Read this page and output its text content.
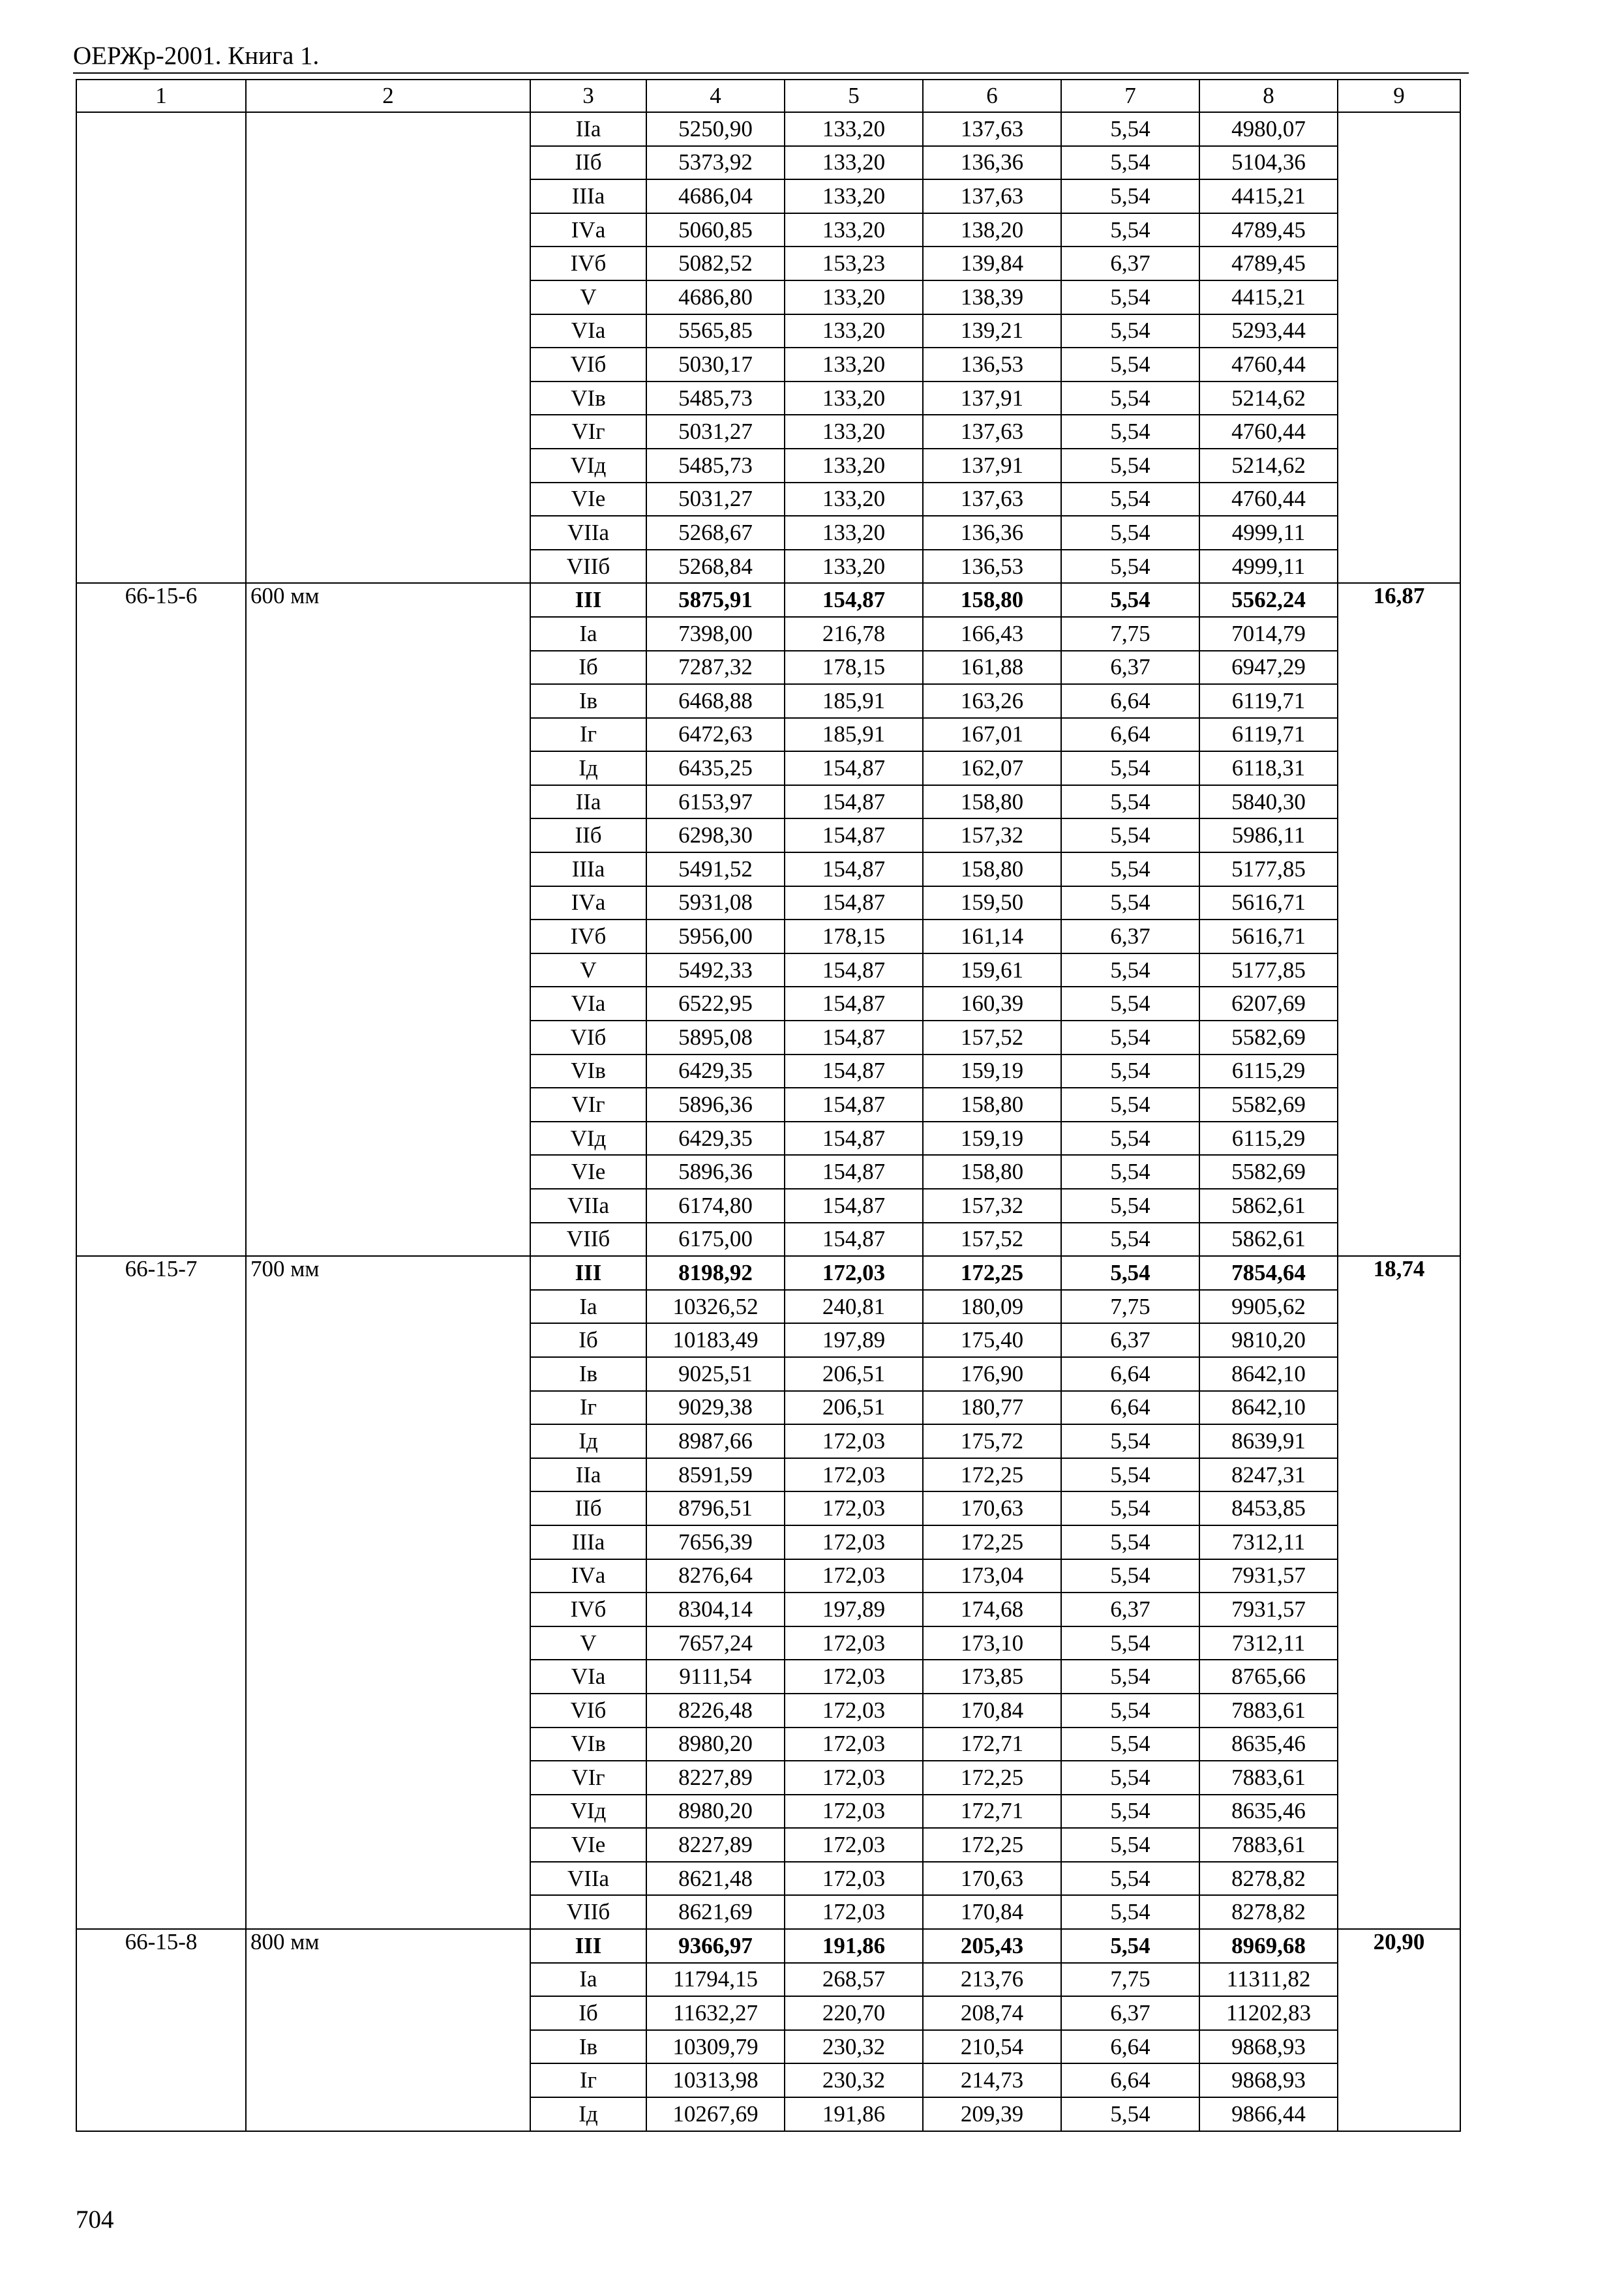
ОЕРЖр-2001. Книга 1.
1	2	3	4	5	6	7	8	9
		IIа	5250,90	133,20	137,63	5,54	4980,07	
		IIб	5373,92	133,20	136,36	5,54	5104,36	
		IIIа	4686,04	133,20	137,63	5,54	4415,21	
		IVа	5060,85	133,20	138,20	5,54	4789,45	
		IVб	5082,52	153,23	139,84	6,37	4789,45	
		V	4686,80	133,20	138,39	5,54	4415,21	
		VIа	5565,85	133,20	139,21	5,54	5293,44	
		VIб	5030,17	133,20	136,53	5,54	4760,44	
		VIв	5485,73	133,20	137,91	5,54	5214,62	
		VIг	5031,27	133,20	137,63	5,54	4760,44	
		VIд	5485,73	133,20	137,91	5,54	5214,62	
		VIе	5031,27	133,20	137,63	5,54	4760,44	
		VIIа	5268,67	133,20	136,36	5,54	4999,11	
		VIIб	5268,84	133,20	136,53	5,54	4999,11	
66-15-6	600 мм	III	5875,91	154,87	158,80	5,54	5562,24	16,87
		Iа	7398,00	216,78	166,43	7,75	7014,79	
		Iб	7287,32	178,15	161,88	6,37	6947,29	
		Iв	6468,88	185,91	163,26	6,64	6119,71	
		Iг	6472,63	185,91	167,01	6,64	6119,71	
		Iд	6435,25	154,87	162,07	5,54	6118,31	
		IIа	6153,97	154,87	158,80	5,54	5840,30	
		IIб	6298,30	154,87	157,32	5,54	5986,11	
		IIIа	5491,52	154,87	158,80	5,54	5177,85	
		IVа	5931,08	154,87	159,50	5,54	5616,71	
		IVб	5956,00	178,15	161,14	6,37	5616,71	
		V	5492,33	154,87	159,61	5,54	5177,85	
		VIа	6522,95	154,87	160,39	5,54	6207,69	
		VIб	5895,08	154,87	157,52	5,54	5582,69	
		VIв	6429,35	154,87	159,19	5,54	6115,29	
		VIг	5896,36	154,87	158,80	5,54	5582,69	
		VIд	6429,35	154,87	159,19	5,54	6115,29	
		VIе	5896,36	154,87	158,80	5,54	5582,69	
		VIIа	6174,80	154,87	157,32	5,54	5862,61	
		VIIб	6175,00	154,87	157,52	5,54	5862,61	
66-15-7	700 мм	III	8198,92	172,03	172,25	5,54	7854,64	18,74
		Iа	10326,52	240,81	180,09	7,75	9905,62	
		Iб	10183,49	197,89	175,40	6,37	9810,20	
		Iв	9025,51	206,51	176,90	6,64	8642,10	
		Iг	9029,38	206,51	180,77	6,64	8642,10	
		Iд	8987,66	172,03	175,72	5,54	8639,91	
		IIа	8591,59	172,03	172,25	5,54	8247,31	
		IIб	8796,51	172,03	170,63	5,54	8453,85	
		IIIа	7656,39	172,03	172,25	5,54	7312,11	
		IVа	8276,64	172,03	173,04	5,54	7931,57	
		IVб	8304,14	197,89	174,68	6,37	7931,57	
		V	7657,24	172,03	173,10	5,54	7312,11	
		VIа	9111,54	172,03	173,85	5,54	8765,66	
		VIб	8226,48	172,03	170,84	5,54	7883,61	
		VIв	8980,20	172,03	172,71	5,54	8635,46	
		VIг	8227,89	172,03	172,25	5,54	7883,61	
		VIд	8980,20	172,03	172,71	5,54	8635,46	
		VIе	8227,89	172,03	172,25	5,54	7883,61	
		VIIа	8621,48	172,03	170,63	5,54	8278,82	
		VIIб	8621,69	172,03	170,84	5,54	8278,82	
66-15-8	800 мм	III	9366,97	191,86	205,43	5,54	8969,68	20,90
		Iа	11794,15	268,57	213,76	7,75	11311,82	
		Iб	11632,27	220,70	208,74	6,37	11202,83	
		Iв	10309,79	230,32	210,54	6,64	9868,93	
		Iг	10313,98	230,32	214,73	6,64	9868,93	
		Iд	10267,69	191,86	209,39	5,54	9866,44	
704
